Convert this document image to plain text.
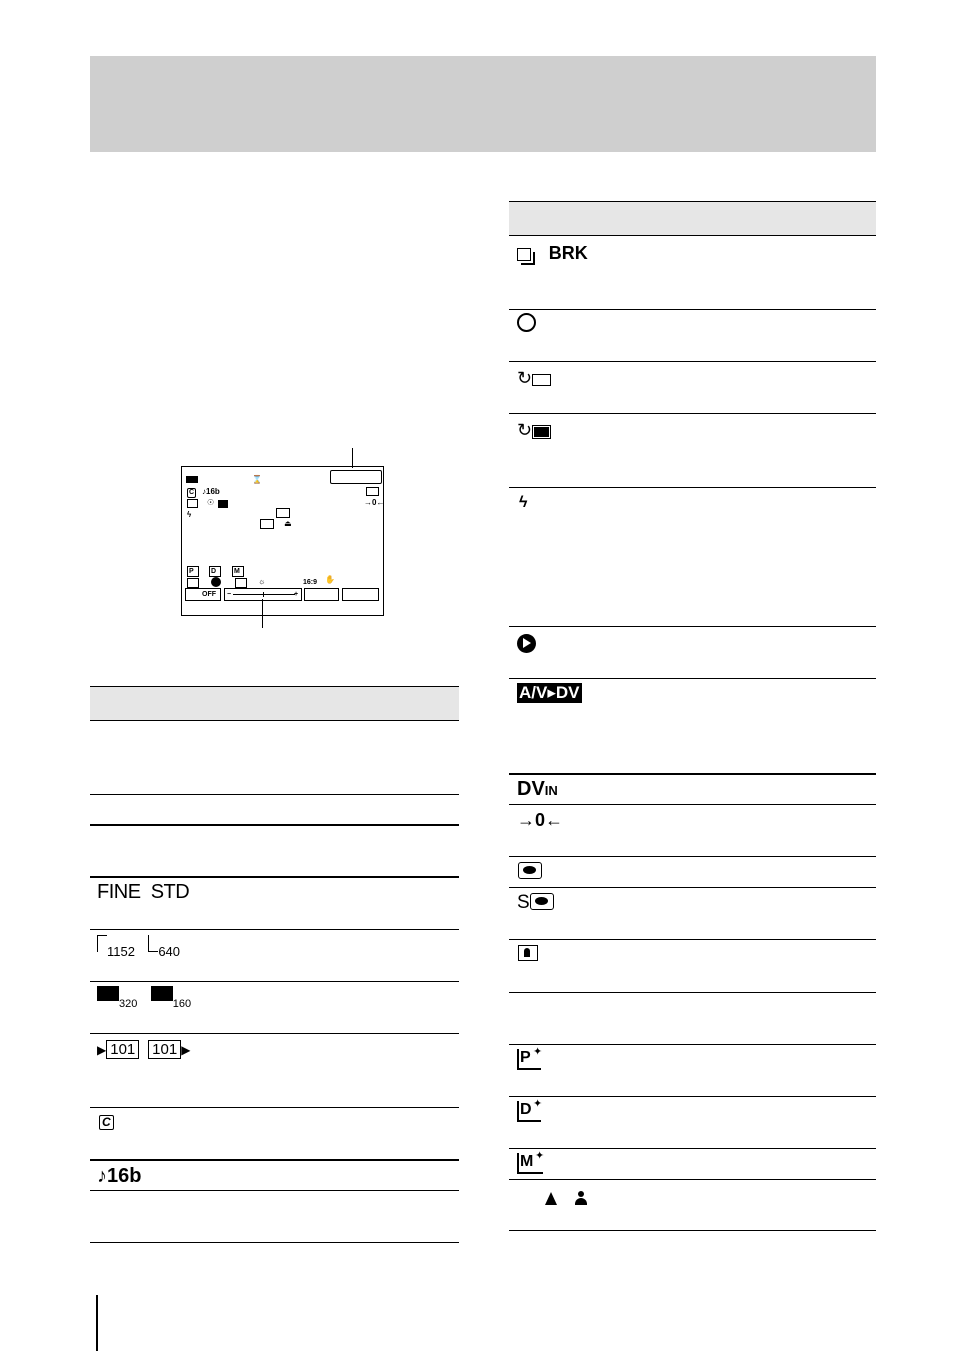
⌛
C ♪16b
☉	→0←
ϟ
⏏
P D	M
☼	16:9 ✋
OFF −	+
FINE STD
$_{1152}$ $_{640}$
$_{320}$	$_{160}$
▶ 101 101 ▶
C
♪16b
BRK
↻
↻
ϟ
A/V▸DV
DVIN
→0←
S
P ✦
D ✦
M ✦
